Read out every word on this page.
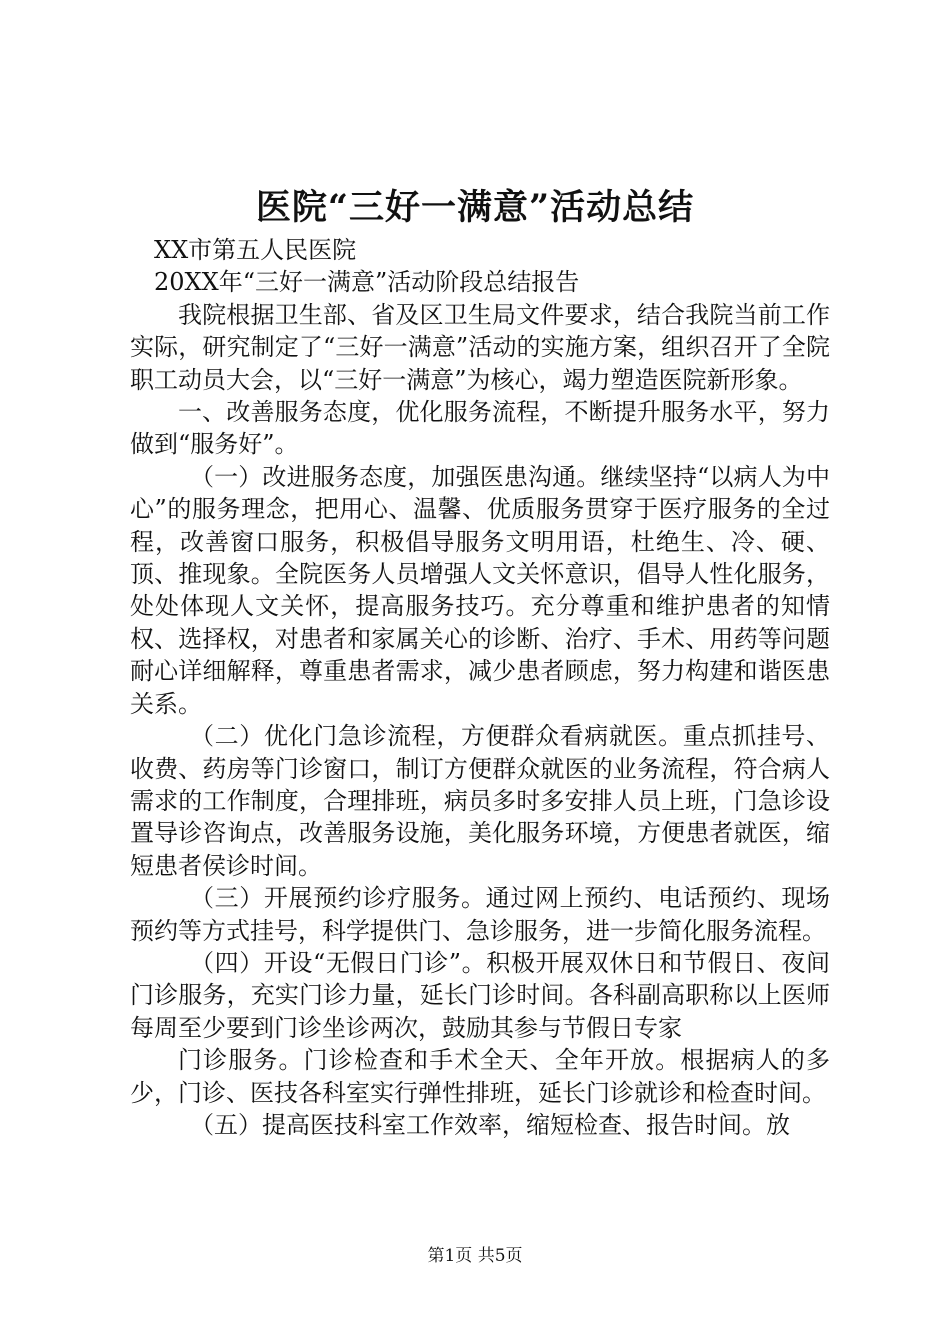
医院“三好一满意”活动总结

XX市第五人民医院

20XX年“三好一满意”活动阶段总结报告

我院根据卫生部、省及区卫生局文件要求，结合我院当前工作实际，研究制定了“三好一满意”活动的实施方案，组织召开了全院职工动员大会，以“三好一满意”为核心，竭力塑造医院新形象。

一、改善服务态度，优化服务流程，不断提升服务水平，努力做到“服务好”。

（一）改进服务态度，加强医患沟通。继续坚持“以病人为中心”的服务理念，把用心、温馨、优质服务贯穿于医疗服务的全过程，改善窗口服务，积极倡导服务文明用语，杜绝生、冷、硬、顶、推现象。全院医务人员增强人文关怀意识，倡导人性化服务，处处体现人文关怀，提高服务技巧。充分尊重和维护患者的知情权、选择权，对患者和家属关心的诊断、治疗、手术、用药等问题耐心详细解释，尊重患者需求，减少患者顾虑，努力构建和谐医患关系。

（二）优化门急诊流程，方便群众看病就医。重点抓挂号、收费、药房等门诊窗口，制订方便群众就医的业务流程，符合病人需求的工作制度，合理排班，病员多时多安排人员上班，门急诊设置导诊咨询点，改善服务设施，美化服务环境，方便患者就医，缩短患者侯诊时间。

（三）开展预约诊疗服务。通过网上预约、电话预约、现场预约等方式挂号，科学提供门、急诊服务，进一步简化服务流程。

（四）开设“无假日门诊”。积极开展双休日和节假日、夜间门诊服务，充实门诊力量，延长门诊时间。各科副高职称以上医师每周至少要到门诊坐诊两次，鼓励其参与节假日专家

门诊服务。门诊检查和手术全天、全年开放。根据病人的多少，门诊、医技各科室实行弹性排班，延长门诊就诊和检查时间。

（五）提高医技科室工作效率，缩短检查、报告时间。放

第1页 共5页
